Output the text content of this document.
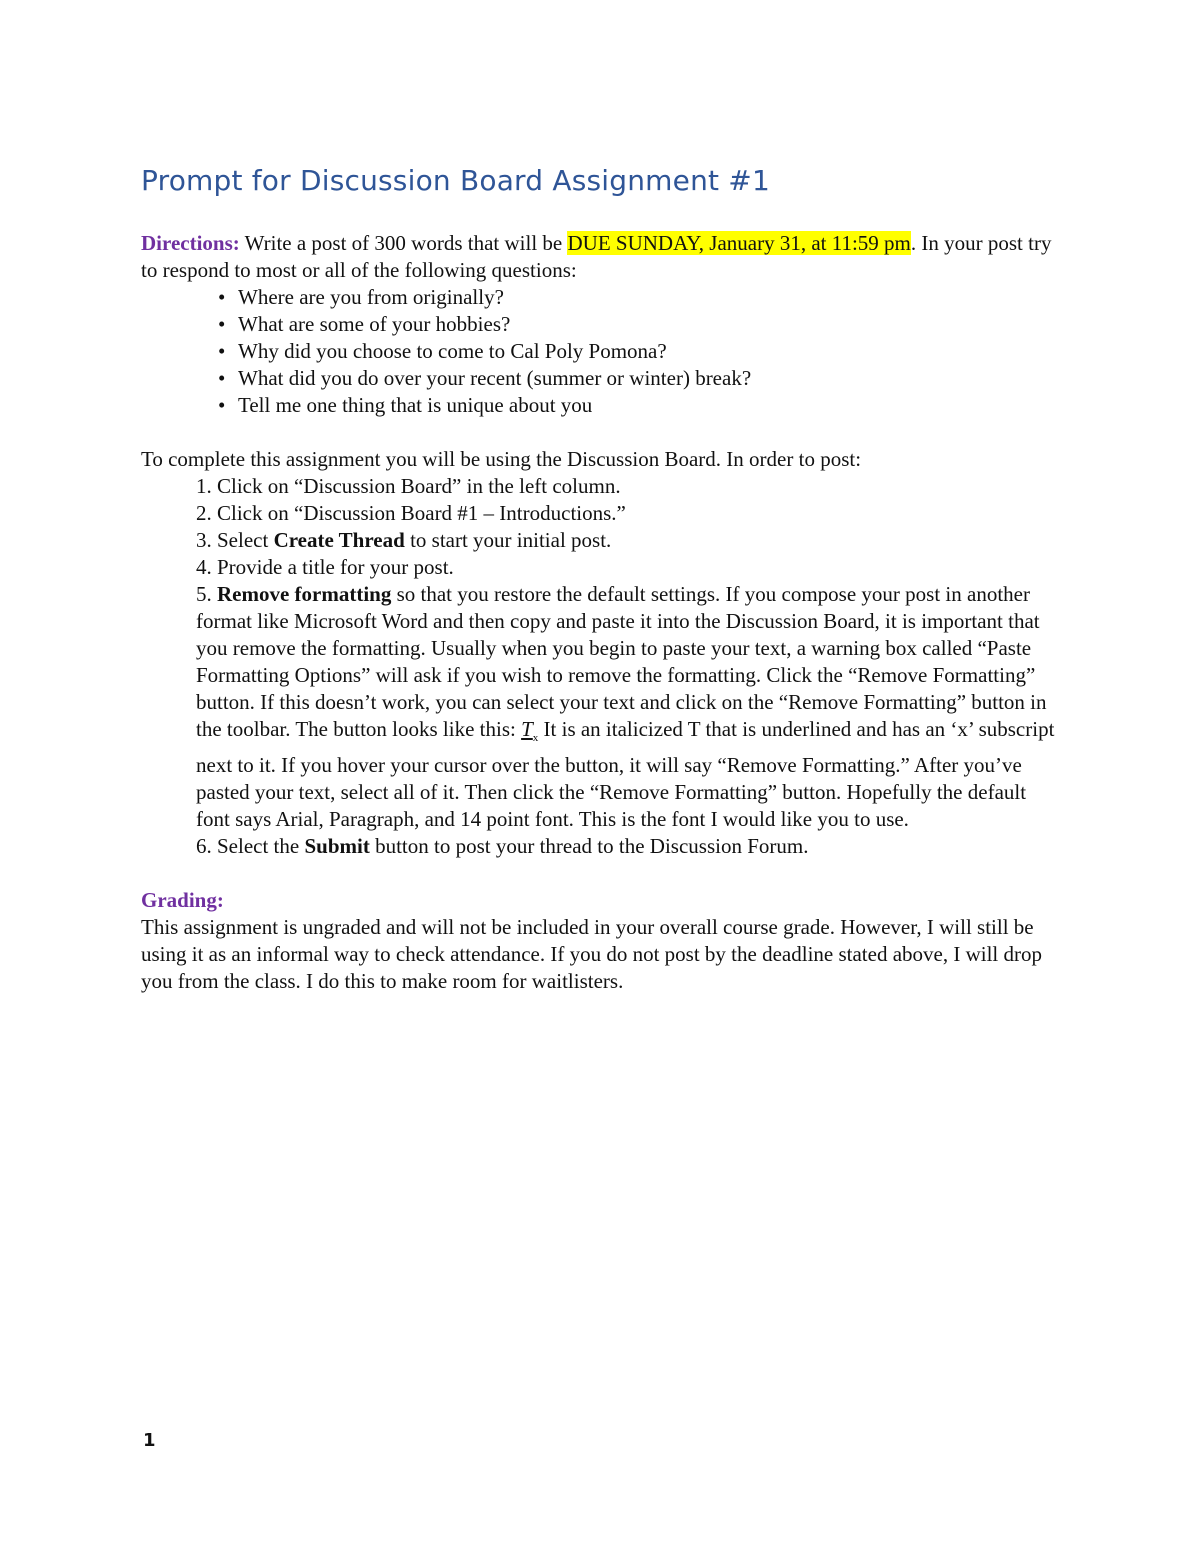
Prompt for Discussion Board Assignment #1

Directions: Write a post of 300 words that will be DUE SUNDAY, January 31, at 11:59 pm. In your post try to respond to most or all of the following questions:

• Where are you from originally?
• What are some of your hobbies?
• Why did you choose to come to Cal Poly Pomona?
• What did you do over your recent (summer or winter) break?
• Tell me one thing that is unique about you

To complete this assignment you will be using the Discussion Board. In order to post:

1. Click on “Discussion Board” in the left column.

2. Click on “Discussion Board #1 – Introductions.”

3. Select Create Thread to start your initial post.

4. Provide a title for your post.

5. Remove formatting so that you restore the default settings. If you compose your post in another format like Microsoft Word and then copy and paste it into the Discussion Board, it is important that you remove the formatting. Usually when you begin to paste your text, a warning box called “Paste Formatting Options” will ask if you wish to remove the formatting. Click the “Remove Formatting” button. If this doesn’t work, you can select your text and click on the “Remove Formatting” button in the toolbar. The button looks like this: $T_x$ It is an italicized T that is underlined and has an ‘x’ subscript next to it. If you hover your cursor over the button, it will say “Remove Formatting.” After you’ve pasted your text, select all of it. Then click the “Remove Formatting” button. Hopefully the default font says Arial, Paragraph, and 14 point font. This is the font I would like you to use.

6. Select the Submit button to post your thread to the Discussion Forum.

Grading:

This assignment is ungraded and will not be included in your overall course grade. However, I will still be using it as an informal way to check attendance. If you do not post by the deadline stated above, I will drop you from the class. I do this to make room for waitlisters.

1
